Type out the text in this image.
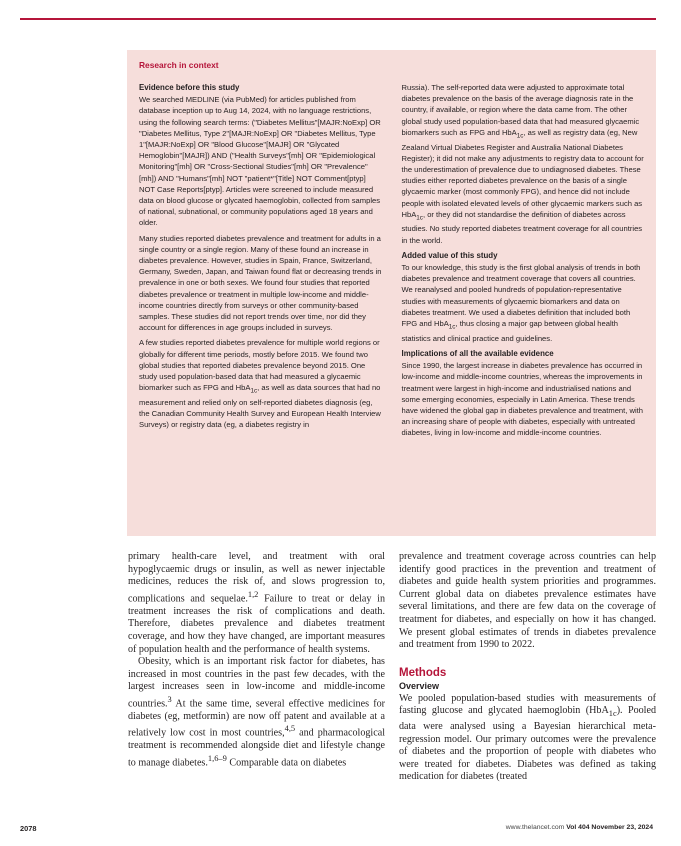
Research in context
Evidence before this study

We searched MEDLINE (via PubMed) for articles published from database inception up to Aug 14, 2024, with no language restrictions, using the following search terms: ("Diabetes Mellitus"[MAJR:NoExp] OR "Diabetes Mellitus, Type 2"[MAJR:NoExp] OR "Diabetes Mellitus, Type 1"[MAJR:NoExp] OR "Blood Glucose"[MAJR] OR "Glycated Hemoglobin"[MAJR]) AND ("Health Surveys"[mh] OR "Epidemiological Monitoring"[mh] OR "Cross-Sectional Studies"[mh] OR "Prevalence"[mh]) AND "Humans"[mh] NOT "patient*"[Title] NOT Comment[ptyp] NOT Case Reports[ptyp]. Articles were screened to include measured data on blood glucose or glycated haemoglobin, collected from samples of national, subnational, or community populations aged 18 years and older.

Many studies reported diabetes prevalence and treatment for adults in a single country or a single region. Many of these found an increase in diabetes prevalence. However, studies in Spain, France, Switzerland, Germany, Sweden, Japan, and Taiwan found flat or decreasing trends in prevalence in one or both sexes. We found four studies that reported diabetes prevalence or treatment in multiple low-income and middle-income countries directly from surveys or other community-based samples. These studies did not report trends over time, nor did they account for differences in age groups included in surveys.

A few studies reported diabetes prevalence for multiple world regions or globally for different time periods, mostly before 2015. We found two global studies that reported diabetes prevalence beyond 2015. One study used population-based data that had measured a glycaemic biomarker such as FPG and HbA$_{1c}$, as well as data sources that had no measurement and relied only on self-reported diabetes diagnosis (eg, the Canadian Community Health Survey and European Health Interview Surveys) or registry data (eg, a diabetes registry in

Russia). The self-reported data were adjusted to approximate total diabetes prevalence on the basis of the average diagnosis rate in the country, if available, or region where the data came from. The other global study used population-based data that had measured glycaemic biomarkers such as FPG and HbA$_{1c}$, as well as registry data (eg, New Zealand Virtual Diabetes Register and Australia National Diabetes Register); it did not make any adjustments to registry data to account for the underestimation of prevalence due to undiagnosed diabetes. These studies either reported diabetes prevalence on the basis of a single glycaemic marker (most commonly FPG), and hence did not include people with isolated elevated levels of other glycaemic markers such as HbA$_{1c}$, or they did not standardise the definition of diabetes across studies. No study reported diabetes treatment coverage for all countries in the world.

Added value of this study

To our knowledge, this study is the first global analysis of trends in both diabetes prevalence and treatment coverage that covers all countries. We reanalysed and pooled hundreds of population-representative studies with measurements of glycaemic biomarkers and data on diabetes treatment. We used a diabetes definition that included both FPG and HbA$_{1c}$, thus closing a major gap between global health statistics and clinical practice and guidelines.

Implications of all the available evidence

Since 1990, the largest increase in diabetes prevalence has occurred in low-income and middle-income countries, whereas the improvements in treatment were largest in high-income and industrialised nations and some emerging economies, especially in Latin America. These trends have widened the global gap in diabetes prevalence and treatment, with an increasing share of people with diabetes, especially with untreated diabetes, living in low-income and middle-income countries.

primary health-care level, and treatment with oral hypoglycaemic drugs or insulin, as well as newer injectable medicines, reduces the risk of, and slows progression to, complications and sequelae.$^{1,2}$ Failure to treat or delay in treatment increases the risk of complications and death. Therefore, diabetes prevalence and diabetes treatment coverage, and how they have changed, are important measures of population health and the performance of health systems.

Obesity, which is an important risk factor for diabetes, has increased in most countries in the past few decades, with the largest increases seen in low-income and middle-income countries.$^3$ At the same time, several effective medicines for diabetes (eg, metformin) are now off patent and available at a relatively low cost in most countries,$^{4,5}$ and pharmacological treatment is recommended alongside diet and lifestyle change to manage diabetes.$^{1,6-9}$ Comparable data on diabetes

prevalence and treatment coverage across countries can help identify good practices in the prevention and treatment of diabetes and guide health system priorities and programmes. Current global data on diabetes prevalence estimates have several limitations, and there are few data on the coverage of treatment for diabetes, and especially on how it has changed. We present global estimates of trends in diabetes prevalence and treatment from 1990 to 2022.

Methods
Overview

We pooled population-based studies with measurements of fasting glucose and glycated haemoglobin (HbA$_{1c}$). Pooled data were analysed using a Bayesian hierarchical meta-regression model. Our primary outcomes were the prevalence of diabetes and the proportion of people with diabetes who were treated for diabetes. Diabetes was defined as taking medication for diabetes (treated

2078	www.thelancet.com Vol 404 November 23, 2024
